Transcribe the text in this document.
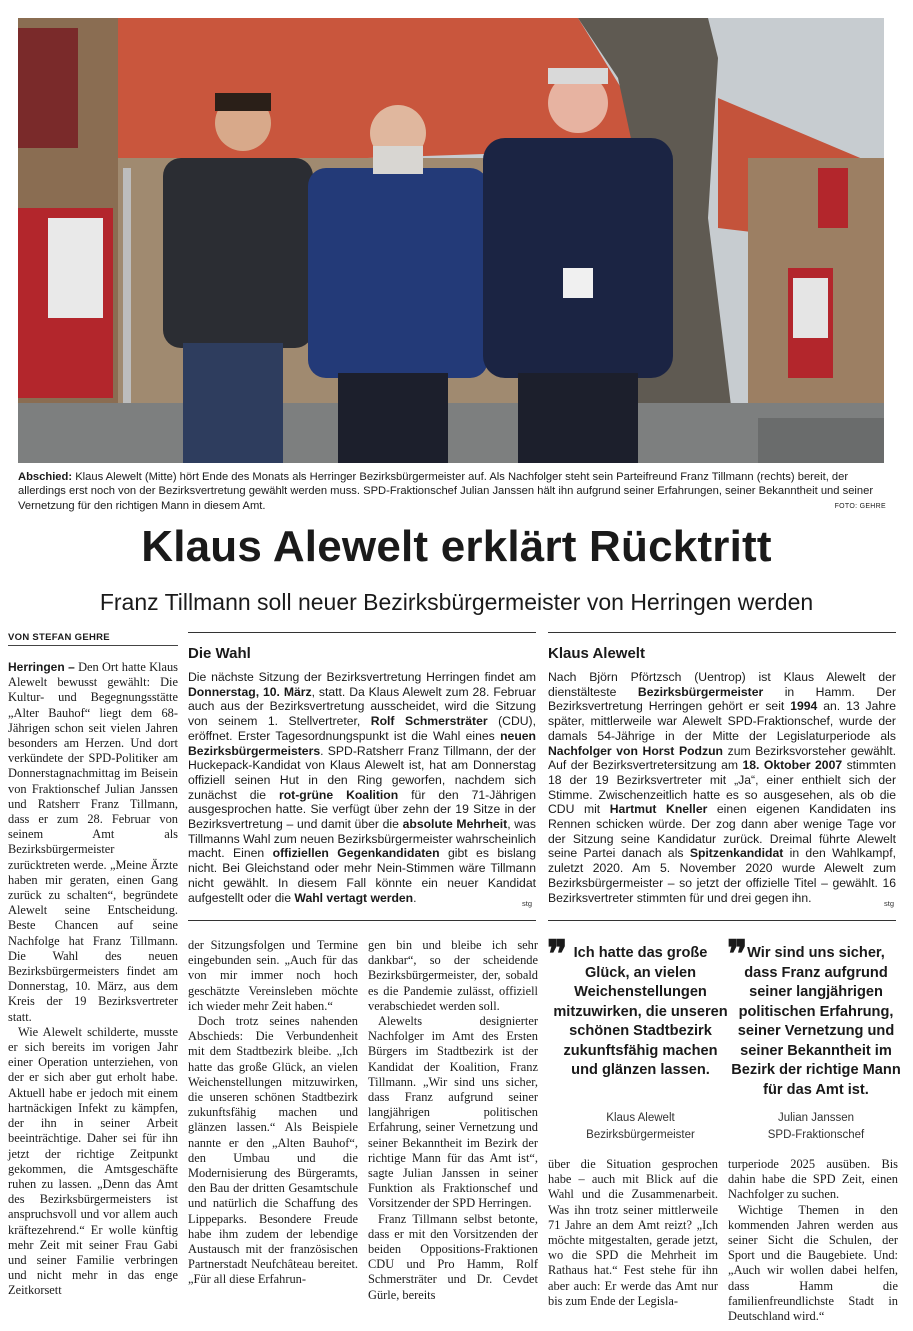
Abschied: Klaus Alewelt (Mitte) hört Ende des Monats als Herringer Bezirksbürgermeister auf. Als Nachfolger steht sein Parteifreund Franz Tillmann (rechts) bereit, der allerdings erst noch von der Bezirksvertretung gewählt werden muss. SPD-Fraktionschef Julian Janssen hält ihn aufgrund seiner Erfahrungen, seiner Bekanntheit und seiner Vernetzung für den richtigen Mann in diesem Amt.	FOTO: GEHRE
Klaus Alewelt erklärt Rücktritt
Franz Tillmann soll neuer Bezirksbürgermeister von Herringen werden
VON STEFAN GEHRE

Herringen – Den Ort hatte Klaus Alewelt bewusst gewählt: Die Kultur- und Begegnungsstätte „Alter Bauhof“ liegt dem 68-Jährigen schon seit vielen Jahren besonders am Herzen. Und dort verkündete der SPD-Politiker am Donnerstagnachmittag im Beisein von Fraktionschef Julian Janssen und Ratsherr Franz Tillmann, dass er zum 28. Februar von seinem Amt als Bezirksbürgermeister zurücktreten werde. „Meine Ärzte haben mir geraten, einen Gang zurück zu schalten“, begründete Alewelt seine Entscheidung. Beste Chancen auf seine Nachfolge hat Franz Tillmann. Die Wahl des neuen Bezirksbürgermeisters findet am Donnerstag, 10. März, aus dem Kreis der 19 Bezirksvertreter statt.

Wie Alewelt schilderte, musste er sich bereits im vorigen Jahr einer Operation unterziehen, von der er sich aber gut erholt habe. Aktuell habe er jedoch mit einem hartnäckigen Infekt zu kämpfen, der ihn in seiner Arbeit beeinträchtige. Daher sei für ihn jetzt der richtige Zeitpunkt gekommen, die Amtsgeschäfte ruhen zu lassen. „Denn das Amt des Bezirksbürgermeisters ist anspruchsvoll und vor allem auch kräftezehrend.“ Er wolle künftig mehr Zeit mit seiner Frau Gabi und seiner Familie verbringen und nicht mehr in das enge Zeitkorsett

Die Wahl
Die nächste Sitzung der Bezirksvertretung Herringen findet am Donnerstag, 10. März, statt. Da Klaus Alewelt zum 28. Februar auch aus der Bezirksvertretung ausscheidet, wird die Sitzung von seinem 1. Stellvertreter, Rolf Schmersträter (CDU), eröffnet. Erster Tagesordnungspunkt ist die Wahl eines neuen Bezirksbürgermeisters. SPD-Ratsherr Franz Tillmann, der der Huckepack-Kandidat von Klaus Alewelt ist, hat am Donnerstag offiziell seinen Hut in den Ring geworfen, nachdem sich zunächst die rot-grüne Koalition für den 71-Jährigen ausgesprochen hatte. Sie verfügt über zehn der 19 Sitze in der Bezirksvertretung – und damit über die absolute Mehrheit, was Tillmanns Wahl zum neuen Bezirksbürgermeister wahrscheinlich macht. Einen offiziellen Gegenkandidaten gibt es bislang nicht. Bei Gleichstand oder mehr Nein-Stimmen wäre Tillmann nicht gewählt. In diesem Fall könnte ein neuer Kandidat aufgestellt oder die Wahl vertagt werden.	stg
Klaus Alewelt
Nach Björn Pförtzsch (Uentrop) ist Klaus Alewelt der dienstälteste Bezirksbürgermeister in Hamm. Der Bezirksvertretung Herringen gehört er seit 1994 an. 13 Jahre später, mittlerweile war Alewelt SPD-Fraktionschef, wurde der damals 54-Jährige in der Mitte der Legislaturperiode als Nachfolger von Horst Podzun zum Bezirksvorsteher gewählt. Auf der Bezirksvertretersitzung am 18. Oktober 2007 stimmten 18 der 19 Bezirksvertreter mit „Ja“, einer enthielt sich der Stimme. Zwischenzeitlich hatte es so ausgesehen, als ob die CDU mit Hartmut Kneller einen eigenen Kandidaten ins Rennen schicken würde. Der zog dann aber wenige Tage vor der Sitzung seine Kandidatur zurück. Dreimal führte Alewelt seine Partei danach als Spitzenkandidat in den Wahlkampf, zuletzt 2020. Am 5. November 2020 wurde Alewelt zum Bezirksbürgermeister – so jetzt der offizielle Titel – gewählt. 16 Bezirksvertreter stimmten für und drei gegen ihn.	stg

der Sitzungsfolgen und Termine eingebunden sein. „Auch für das von mir immer noch hoch geschätzte Vereinsleben möchte ich wieder mehr Zeit haben.“

Doch trotz seines nahenden Abschieds: Die Verbundenheit mit dem Stadtbezirk bleibe. „Ich hatte das große Glück, an vielen Weichenstellungen mitzuwirken, die unseren schönen Stadtbezirk zukunftsfähig machen und glänzen lassen.“ Als Beispiele nannte er den „Alten Bauhof“, den Umbau und die Modernisierung des Bürgeramts, den Bau der dritten Gesamtschule und natürlich die Schaffung des Lippeparks. Besondere Freude habe ihm zudem der lebendige Austausch mit der französischen Partnerstadt Neufchâteau bereitet. „Für all diese Erfahrun-

gen bin und bleibe ich sehr dankbar“, so der scheidende Bezirksbürgermeister, der, sobald es die Pandemie zulässt, offiziell verabschiedet werden soll.

Alewelts designierter Nachfolger im Amt des Ersten Bürgers im Stadtbezirk ist der Kandidat der Koalition, Franz Tillmann. „Wir sind uns sicher, dass Franz aufgrund seiner langjährigen politischen Erfahrung, seiner Vernetzung und seiner Bekanntheit im Bezirk der richtige Mann für das Amt ist“, sagte Julian Janssen in seiner Funktion als Fraktionschef und Vorsitzender der SPD Herringen.

Franz Tillmann selbst betonte, dass er mit den Vorsitzenden der beiden Oppositions-Fraktionen CDU und Pro Hamm, Rolf Schmersträter und Dr. Cevdet Gürle, bereits

❞ Ich hatte das große Glück, an vielen Weichenstellungen mitzuwirken, die unseren schönen Stadtbezirk zukunftsfähig machen und glänzen lassen.
Klaus Alewelt
Bezirksbürgermeister
❞ Wir sind uns sicher, dass Franz aufgrund seiner langjährigen politischen Erfahrung, seiner Vernetzung und seiner Bekanntheit im Bezirk der richtige Mann für das Amt ist.
Julian Janssen
SPD-Fraktionschef

über die Situation gesprochen habe – auch mit Blick auf die Wahl und die Zusammenarbeit. Was ihn trotz seiner mittlerweile 71 Jahre an dem Amt reizt? „Ich möchte mitgestalten, gerade jetzt, wo die SPD die Mehrheit im Rathaus hat.“ Fest stehe für ihn aber auch: Er werde das Amt nur bis zum Ende der Legisla-

turperiode 2025 ausüben. Bis dahin habe die SPD Zeit, einen Nachfolger zu suchen.

Wichtige Themen in den kommenden Jahren werden aus seiner Sicht die Schulen, der Sport und die Baugebiete. Und: „Auch wir wollen dabei helfen, dass Hamm die familienfreundlichste Stadt in Deutschland wird.“
